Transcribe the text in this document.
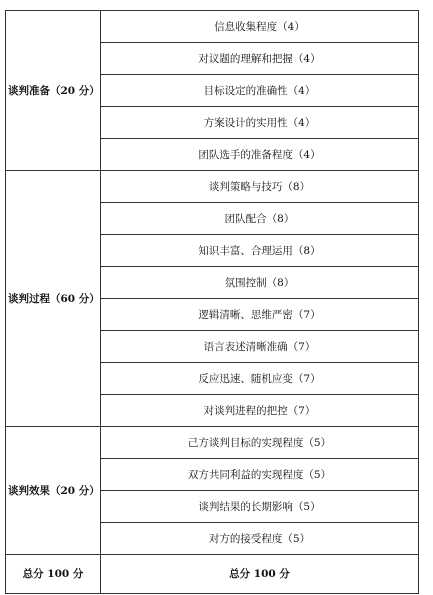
谈判准备（20 分）	信息收集程度（4）
	对议题的理解和把握（4）
	目标设定的准确性（4）
	方案设计的实用性（4）
	团队选手的准备程度（4）
谈判过程（60 分）	谈判策略与技巧（8）
	团队配合（8）
	知识丰富、合理运用（8）
	氛围控制（8）
	逻辑清晰、思维严密（7）
	语言表述清晰准确（7）
	反应迅速、随机应变（7）
	对谈判进程的把控（7）
谈判效果（20 分）	己方谈判目标的实现程度（5）
	双方共同利益的实现程度（5）
	谈判结果的长期影响（5）
	对方的接受程度（5）
总分 100 分	总分 100 分
